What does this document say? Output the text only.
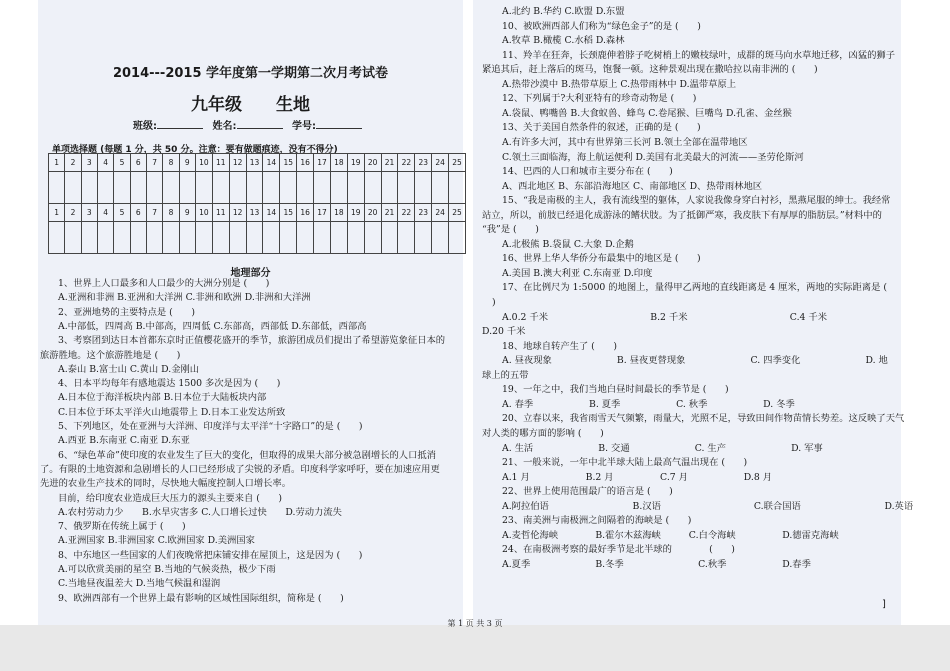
2014---2015 学年度第一学期第二次月考试卷
九年级 生地
班级:	姓名:	学号:
单项选择题 (每题 1 分，共 50 分。注意：要有做题痕迹，没有不得分)
1	2	3	4	5	6	7	8	9	10	11	12	13	14	15	16	17	18	19	20	21	22	23	24	25

1	2	3	4	5	6	7	8	9	10	11	12	13	14	15	16	17	18	19	20	21	22	23	24	25

地理部分
1、世界上人口最多和人口最少的大洲分别是 (　　)
A.亚洲和非洲 B.亚洲和大洋洲 C.非洲和欧洲 D.非洲和大洋洲
2、亚洲地势的主要特点是 (　　)
A.中部低，四周高 B.中部高，四周低 C.东部高，西部低 D.东部低，西部高
3、考察团到达日本首都东京时正值樱花盛开的季节，旅游团成员们提出了希望游览象征日本的
旅游胜地。这个旅游胜地是 (　　)
A.泰山 B.富士山 C.黄山 D.金刚山
4、日本平均每年有感地震达 1500 多次是因为 (　　)
A.日本位于海洋板块内部 B.日本位于大陆板块内部
C.日本位于环太平洋火山地震带上 D.日本工业发达所致
5、下列地区，处在亚洲与大洋洲、印度洋与太平洋“十字路口”的是 (　　)
A.西亚 B.东南亚 C.南亚 D.东亚
6、“绿色革命”使印度的农业发生了巨大的变化，但取得的成果大部分被急剧增长的人口抵消
了。有限的土地资源和急剧增长的人口已经形成了尖锐的矛盾。印度科学家呼吁，要在加速应用更
先进的农业生产技术的同时，尽快地大幅度控制人口增长率。
目前，给印度农业造成巨大压力的源头主要来自 (　　)
A.农村劳动力少　　B.水旱灾害多 C.人口增长过快　　D.劳动力流失
7、俄罗斯在传统上属于 (　　)
A.亚洲国家 B.非洲国家 C.欧洲国家 D.美洲国家
8、中东地区一些国家的人们夜晚常把床铺安排在屋顶上，这是因为 (　　)
A.可以欣赏美丽的星空 B.当地的气候炎热，极少下雨
C.当地昼夜温差大 D.当地气候温和湿润
9、欧洲西部有一个世界上最有影响的区域性国际组织，简称是 (　　)
A.北约 B.华约 C.欧盟 D.东盟
10、被欧洲西部人们称为“绿色金子”的是 (　　)
A.牧草 B.橄榄 C.水稻 D.森林
11、羚羊在狂奔，长颈鹿伸着脖子吃树梢上的嫩枝绿叶，成群的斑马向水草地迁移，凶猛的狮子
紧追其后，赶上落后的斑马，饱餐一顿。这种景观出现在撒哈拉以南非洲的 (　　)
A.热带沙漠中 B.热带草原上 C.热带雨林中 D.温带草原上
12、下列属于?大利亚特有的珍奇动物是 (　　)
A.袋鼠、鸭嘴兽 B.大食蚁兽、蜂鸟 C.卷尾猴、巨嘴鸟 D.孔雀、金丝猴
13、关于美国自然条件的叙述，正确的是 (　　)
A.有许多大河，其中有世界第三长河 B.领土全部在温带地区
C.领土三面临海，海上航运便利 D.美国有北美最大的河流——圣劳伦斯河
14、巴西的人口和城市主要分布在 (　　)
A、西北地区 B、东部沿海地区 C、南部地区 D、热带雨林地区
15、“我是南极的主人，我有流线型的躯体，人家说我像身穿白衬衫，黑燕尾服的绅士。我经常
站立，所以，前肢已经退化成游泳的鳍状肢。为了抵御严寒，我皮肤下有厚厚的脂肪层。”材料中的
“我”是 (　　)
A.北极熊 B.袋鼠 C.大象 D.企鹅
16、世界上华人华侨分布最集中的地区是 (　　)
A.美国 B.澳大利亚 C.东南亚 D.印度
17、在比例尺为 1:5000 的地图上，量得甲乙两地的直线距离是 4 厘米，两地的实际距离是 (
)
A.0.2 千米　　　　　　　　　　　B.2 千米　　　　　　　　　　　C.4 千米
D.20 千米
18、地球自转产生了 (　　)
A. 昼夜现象　　　　　　　B. 昼夜更替现象　　　　　　　C. 四季变化　　　　　　　D. 地
球上的五带
19、一年之中，我们当地白昼时间最长的季节是 (　　)
A. 春季　　　　　　B. 夏季　　　　　　C. 秋季　　　　　　D. 冬季
20、立春以来，我省雨雪天气频繁，雨量大，光照不足，导致田间作物苗情长势差。这反映了天气
对人类的哪方面的影响 (　　)
A. 生活　　　　　　　B. 交通　　　　　　　C. 生产　　　　　　　D. 军事
21、一般来说，一年中北半球大陆上最高气温出现在 (　　)
A.1 月　　　　　　B.2 月　　　　　C.7 月　　　　　　D.8 月
22、世界上使用范围最广的语言是 (　　)
A.阿拉伯语　　　　　　　　　B.汉语　　　　　　　　　　C.联合国语　　　　　　　　　D.英语
23、南美洲与南极洲之间隔着的海峡是 (　　)
A.麦哲伦海峡　　　　B.霍尔木兹海峡　　　C.白令海峡　　　　　D.德雷克海峡
24、在南极洲考察的最好季节是北半球的　　　　(　　)
A.夏季　　　　　　　B.冬季　　　　　　　　C.秋季　　　　　　D.春季
]
第 1 页 共 3 页
